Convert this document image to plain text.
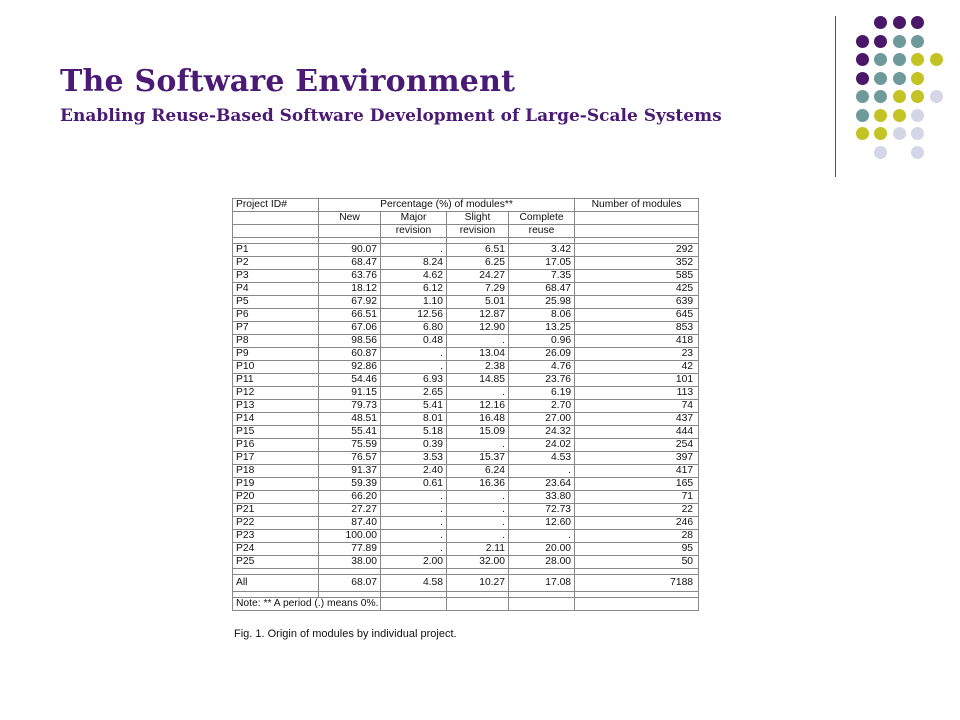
The Software Environment
Enabling Reuse-Based Software Development of Large-Scale Systems
Project ID#	Percentage (%) of modules**				Number of modules
	New	Major	Slight	Complete	
		revision	revision	reuse	

P1	90.07	.	6.51	3.42	292
P2	68.47	8.24	6.25	17.05	352
P3	63.76	4.62	24.27	7.35	585
P4	18.12	6.12	7.29	68.47	425
P5	67.92	1.10	5.01	25.98	639
P6	66.51	12.56	12.87	8.06	645
P7	67.06	6.80	12.90	13.25	853
P8	98.56	0.48	.	0.96	418
P9	60.87	.	13.04	26.09	23
P10	92.86	.	2.38	4.76	42
P11	54.46	6.93	14.85	23.76	101
P12	91.15	2.65	.	6.19	113
P13	79.73	5.41	12.16	2.70	74
P14	48.51	8.01	16.48	27.00	437
P15	55.41	5.18	15.09	24.32	444
P16	75.59	0.39	.	24.02	254
P17	76.57	3.53	15.37	4.53	397
P18	91.37	2.40	6.24	.	417
P19	59.39	0.61	16.36	23.64	165
P20	66.20	.	.	33.80	71
P21	27.27	.	.	72.73	22
P22	87.40	.	.	12.60	246
P23	100.00	.	.	.	28
P24	77.89	.	2.11	20.00	95
P25	38.00	2.00	32.00	28.00	50

All	68.07	4.58	10.27	17.08	7188

Note: ** A period (.) means 0%.					
Fig. 1. Origin of modules by individual project.
